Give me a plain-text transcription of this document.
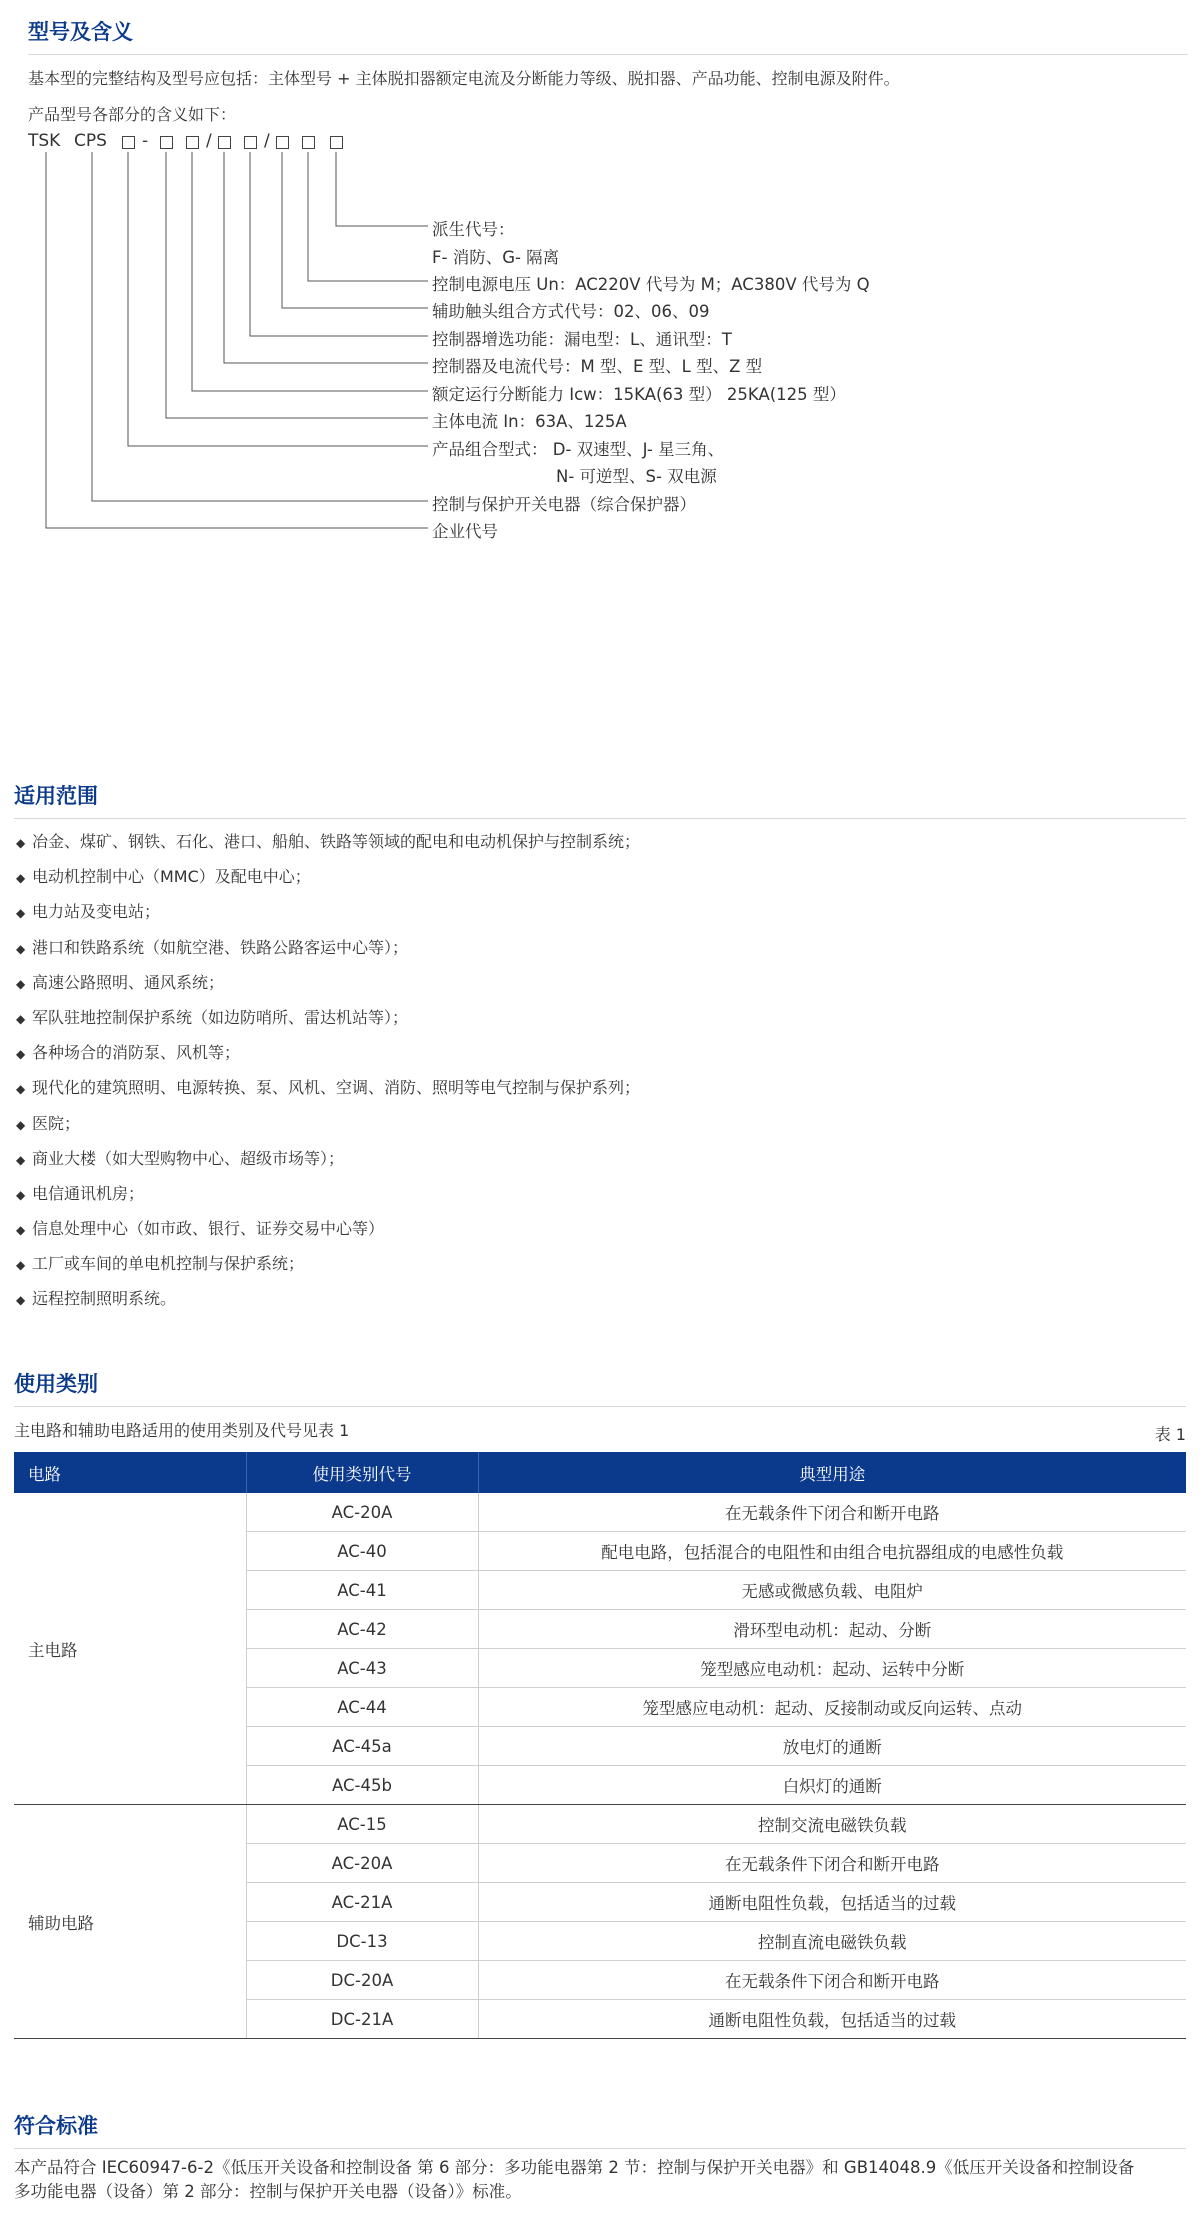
型号及含义
基本型的完整结构及型号应包括：主体型号 + 主体脱扣器额定电流及分断能力等级、脱扣器、产品功能、控制电源及附件。
产品型号各部分的含义如下：
TSK CPS -	/	/
派生代号：
F- 消防、G- 隔离
控制电源电压 Un：AC220V 代号为 M；AC380V 代号为 Q
辅助触头组合方式代号：02、06、09
控制器增选功能：漏电型：L、通讯型：T
控制器及电流代号：M 型、E 型、L 型、Z 型
额定运行分断能力 Icw：15KA(63 型） 25KA(125 型）
主体电流 In：63A、125A
产品组合型式： D- 双速型、J- 星三角、
N- 可逆型、S- 双电源
控制与保护开关电器（综合保护器）
企业代号
适用范围
◆ 冶金、煤矿、钢铁、石化、港口、船舶、铁路等领域的配电和电动机保护与控制系统；
◆ 电动机控制中心（MMC）及配电中心；
◆ 电力站及变电站；
◆ 港口和铁路系统（如航空港、铁路公路客运中心等）；
◆ 高速公路照明、通风系统；
◆ 军队驻地控制保护系统（如边防哨所、雷达机站等）；
◆ 各种场合的消防泵、风机等；
◆ 现代化的建筑照明、电源转换、泵、风机、空调、消防、照明等电气控制与保护系列；
◆ 医院；
◆ 商业大楼（如大型购物中心、超级市场等）；
◆ 电信通讯机房；
◆ 信息处理中心（如市政、银行、证券交易中心等）
◆ 工厂或车间的单电机控制与保护系统；
◆ 远程控制照明系统。
使用类别
主电路和辅助电路适用的使用类别及代号见表 1	表 1
电路	使用类别代号	典型用途
主电路	AC-20A	在无载条件下闭合和断开电路
	AC-40	配电电路，包括混合的电阻性和由组合电抗器组成的电感性负载
	AC-41	无感或微感负载、电阻炉
	AC-42	滑环型电动机：起动、分断
	AC-43	笼型感应电动机：起动、运转中分断
	AC-44	笼型感应电动机：起动、反接制动或反向运转、点动
	AC-45a	放电灯的通断
	AC-45b	白炽灯的通断
辅助电路	AC-15	控制交流电磁铁负载
	AC-20A	在无载条件下闭合和断开电路
	AC-21A	通断电阻性负载，包括适当的过载
	DC-13	控制直流电磁铁负载
	DC-20A	在无载条件下闭合和断开电路
	DC-21A	通断电阻性负载，包括适当的过载
符合标准
本产品符合 IEC60947-6-2《低压开关设备和控制设备 第 6 部分：多功能电器第 2 节：控制与保护开关电器》和 GB14048.9《低压开关设备和控制设备
多功能电器（设备）第 2 部分：控制与保护开关电器（设备）》标准。
